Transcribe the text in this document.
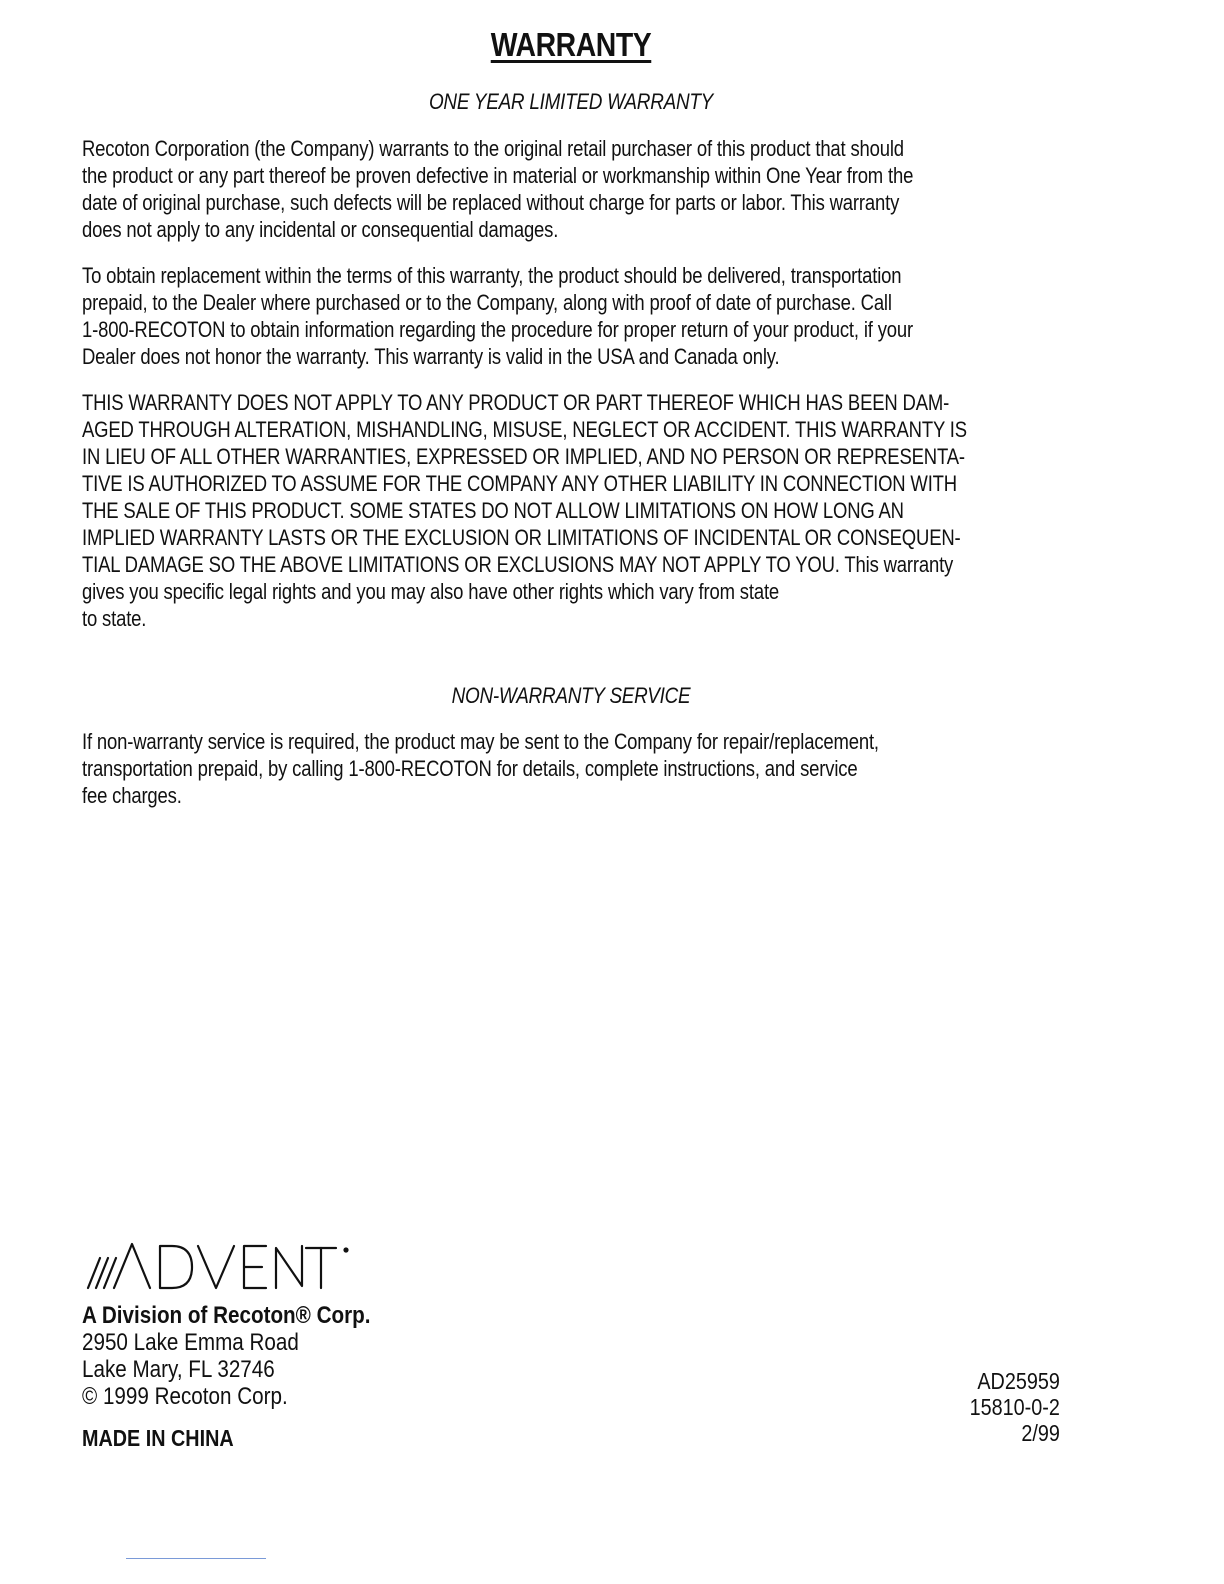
WARRANTY
ONE YEAR LIMITED WARRANTY

Recoton Corporation (the Company) warrants to the original retail purchaser of this product that should
the product or any part thereof be proven defective in material or workmanship within One Year from the
date of original purchase, such defects will be replaced without charge for parts or labor. This warranty
does not apply to any incidental or consequential damages.

To obtain replacement within the terms of this warranty, the product should be delivered, transportation
prepaid, to the Dealer where purchased or to the Company, along with proof of date of purchase. Call
1-800-RECOTON to obtain information regarding the procedure for proper return of your product, if your
Dealer does not honor the warranty. This warranty is valid in the USA and Canada only.

THIS WARRANTY DOES NOT APPLY TO ANY PRODUCT OR PART THEREOF WHICH HAS BEEN DAM-
AGED THROUGH ALTERATION, MISHANDLING, MISUSE, NEGLECT OR ACCIDENT. THIS WARRANTY IS
IN LIEU OF ALL OTHER WARRANTIES, EXPRESSED OR IMPLIED, AND NO PERSON OR REPRESENTA-
TIVE IS AUTHORIZED TO ASSUME FOR THE COMPANY ANY OTHER LIABILITY IN CONNECTION WITH
THE SALE OF THIS PRODUCT. SOME STATES DO NOT ALLOW LIMITATIONS ON HOW LONG AN
IMPLIED WARRANTY LASTS OR THE EXCLUSION OR LIMITATIONS OF INCIDENTAL OR CONSEQUEN-
TIAL DAMAGE SO THE ABOVE LIMITATIONS OR EXCLUSIONS MAY NOT APPLY TO YOU. This warranty
gives you specific legal rights and you may also have other rights which vary from state
to state.

NON-WARRANTY SERVICE

If non-warranty service is required, the product may be sent to the Company for repair/replacement,
transportation prepaid, by calling 1-800-RECOTON for details, complete instructions, and service
fee charges.

A Division of Recoton® Corp.
2950 Lake Emma Road
Lake Mary, FL 32746
© 1999 Recoton Corp.
MADE IN CHINA
AD25959
15810-0-2
2/99
